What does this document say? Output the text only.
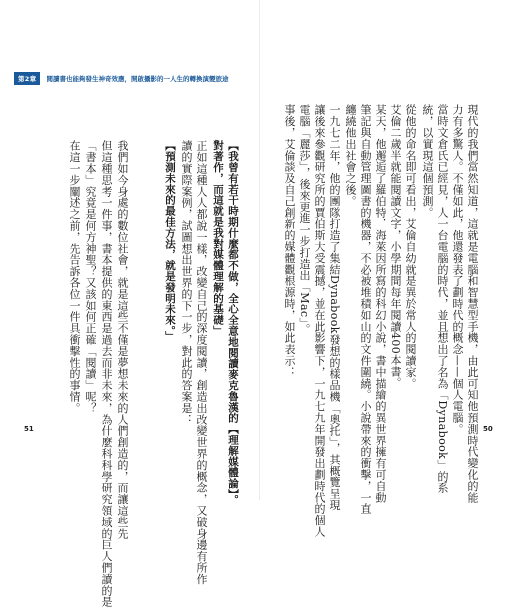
第2章	閱讀書也能夠發生神奇效應，開啟攝影的一人生的轉換演變旅途
【我曾有若干時期什麼都不做，全心全意地閱讀麥克魯漢的【理解媒體論】。
對著作，而這就是我對媒體理解的基礎」
正如這種人人都說一樣，改變自己的深度閱讀，創造出改變世界的概念，又破身邊有所作
讀的實際案例，試圖想出世界的下一步，對此的答案是：
【預測未來的最佳方法，就是發明未來。」
我們如今身處的數位社會，就是這些不僅是夢想未來的人們創造的，而讓這些先
但這種思考一件事，書本提供的東西是過去而非未來，為什麼科科學研究領域的巨人們讀的是
「書本」究竟是何方神聖？又該如何正確「閱讀」呢？
在這一步闡述之前，先告訴各位一件具衝擊性的事情。
51	現代的我們當然知道，這就是電腦和智慧型手機，由此可知他預測時代變化的能
力有多驚人。不僅如此，他還發表了劃時代的概念——個人電腦。
當時文倉氏已經見，人一台電腦的時代，並且想出了名為「Dynabook」的系
統，以實現這個預測。
從他的命名即可看出，艾倫自幼就是異於常人的閱讀家。
艾倫二歲半就能閱讀文字，小學期間每年閱讀400本書。
某天，他邂逅了羅伯特．海萊因所寫的科幻小說，書中描繪的異世界擁有可自動
筆記與自動管理圖書的機器，不必被堆積如山的文件圍繞。小說帶來的衝擊，一直
纏繞他出社會之後。
一九七二年，他的團隊打造了集結Dynabook發想的樣品機「奧托」，其概覽呈現
讓後來參觀研究所的賈伯斯大受震撼，並在此影響下，一九七九年開發出劃時代的個人
電腦「麗莎」，後來更進一步打造出「Mac」。
事後，艾倫談及自己創新的媒體觀根源時，如此表示：
50
